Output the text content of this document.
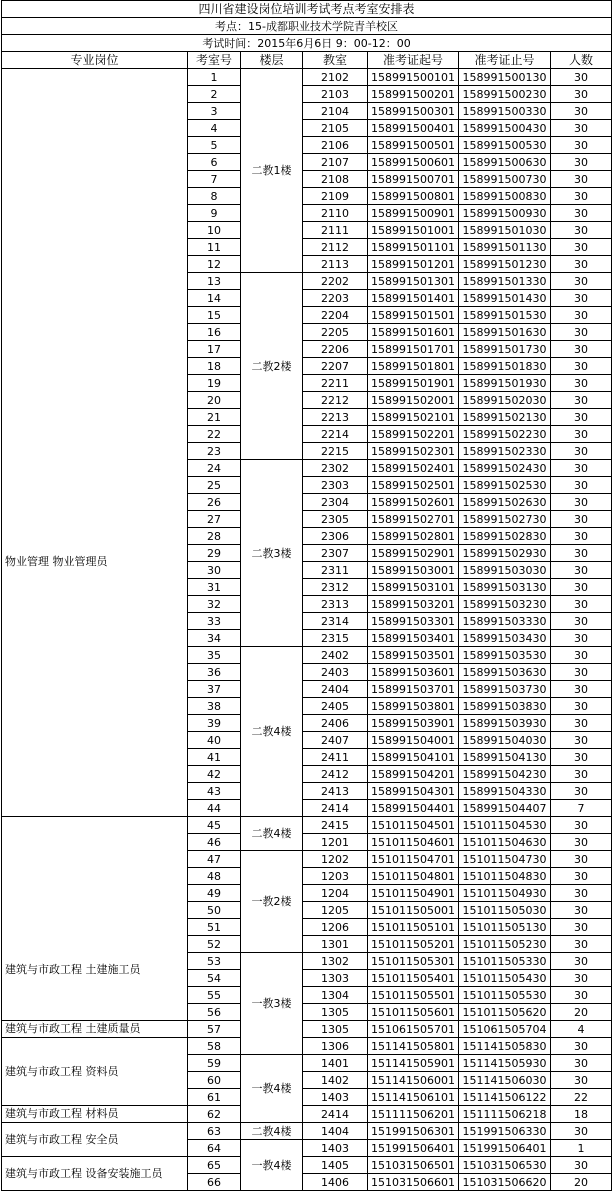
四川省建设岗位培训考试考点考室安排表						
考点：15-成都职业技术学院青羊校区						
考试时间：2015年6月6日 9：00-12：00						
专业岗位	考室号	楼层	教室	准考证起号	准考证止号	人数

物业管理 物业管理员	1	二教1楼	2102	158991500101	158991500130	30
	2		2103	158991500201	158991500230	30
	3		2104	158991500301	158991500330	30
	4		2105	158991500401	158991500430	30
	5		2106	158991500501	158991500530	30
	6		2107	158991500601	158991500630	30
	7		2108	158991500701	158991500730	30
	8		2109	158991500801	158991500830	30
	9		2110	158991500901	158991500930	30
	10		2111	158991501001	158991501030	30
	11		2112	158991501101	158991501130	30
	12		2113	158991501201	158991501230	30
	13	二教2楼	2202	158991501301	158991501330	30
	14		2203	158991501401	158991501430	30
	15		2204	158991501501	158991501530	30
	16		2205	158991501601	158991501630	30
	17		2206	158991501701	158991501730	30
	18		2207	158991501801	158991501830	30
	19		2211	158991501901	158991501930	30
	20		2212	158991502001	158991502030	30
	21		2213	158991502101	158991502130	30
	22		2214	158991502201	158991502230	30
	23		2215	158991502301	158991502330	30
	24	二教3楼	2302	158991502401	158991502430	30
	25		2303	158991502501	158991502530	30
	26		2304	158991502601	158991502630	30
	27		2305	158991502701	158991502730	30
	28		2306	158991502801	158991502830	30
	29		2307	158991502901	158991502930	30
	30		2311	158991503001	158991503030	30
	31		2312	158991503101	158991503130	30
	32		2313	158991503201	158991503230	30
	33		2314	158991503301	158991503330	30
	34		2315	158991503401	158991503430	30
	35	二教4楼	2402	158991503501	158991503530	30
	36		2403	158991503601	158991503630	30
	37		2404	158991503701	158991503730	30
	38		2405	158991503801	158991503830	30
	39		2406	158991503901	158991503930	30
	40		2407	158991504001	158991504030	30
	41		2411	158991504101	158991504130	30
	42		2412	158991504201	158991504230	30
	43		2413	158991504301	158991504330	30
	44		2414	158991504401	158991504407	7

建筑与市政工程 土建施工员	45	二教4楼	2415	151011504501	151011504530	30
	46		1201	151011504601	151011504630	30
	47	一教2楼	1202	151011504701	151011504730	30
	48		1203	151011504801	151011504830	30
	49		1204	151011504901	151011504930	30
	50		1205	151011505001	151011505030	30
	51		1206	151011505101	151011505130	30
	52		1301	151011505201	151011505230	30
	53	一教3楼	1302	151011505301	151011505330	30
	54		1303	151011505401	151011505430	30
	55		1304	151011505501	151011505530	30
	56		1305	151011505601	151011505620	20

建筑与市政工程 土建质量员	57		1305	151061505701	151061505704	4

建筑与市政工程 资料员	58		1306	151141505801	151141505830	30
	59	一教4楼	1401	151141505901	151141505930	30
	60		1402	151141506001	151141506030	30
	61		1403	151141506101	151141506122	22

建筑与市政工程 材料员	62		2414	151111506201	151111506218	18

建筑与市政工程 安全员	63	二教4楼	1404	151991506301	151991506330	30
	64	一教4楼	1403	151991506401	151991506401	1

建筑与市政工程 设备安装施工员	65		1405	151031506501	151031506530	30
	66		1406	151031506601	151031506620	20
